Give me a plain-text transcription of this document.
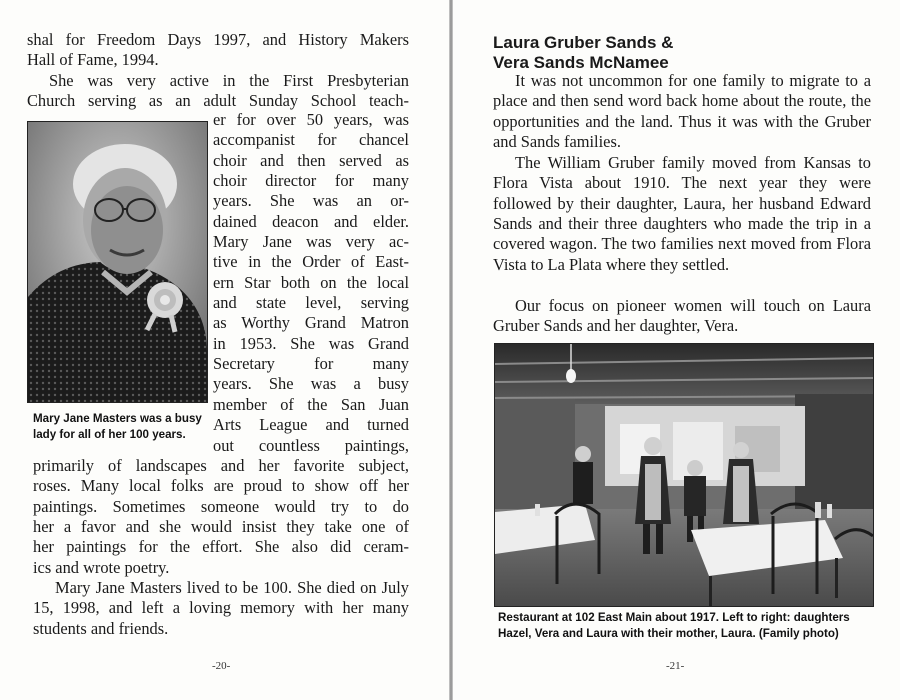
shal for Freedom Days 1997, and History Makers
Hall of Fame, 1994.
She was very active in the First Presbyterian
Church serving as an adult Sunday School teach-
er for over 50 years, was
accompanist for chancel
choir and then served as
choir director for many
years. She was an or-
dained deacon and elder.
Mary Jane was very ac-
tive in the Order of East-
ern Star both on the local
and state level, serving
as Worthy Grand Matron
in 1953. She was Grand
Secretary for many
years. She was a busy
member of the San Juan
Arts League and turned
out countless paintings,
Mary Jane Masters was a busy lady for all of her 100 years.
primarily of landscapes and her favorite subject,
roses. Many local folks are proud to show off her
paintings. Sometimes someone would try to do
her a favor and she would insist they take one of
her paintings for the effort. She also did ceram-
ics and wrote poetry.

Mary Jane Masters lived to be 100. She died on July 15, 1998, and left a loving memory with her many students and friends.

-20-
Laura Gruber Sands &
Vera Sands McNamee

It was not uncommon for one family to migrate to a place and then send word back home about the route, the opportunities and the land. Thus it was with the Gruber and Sands families.

The William Gruber family moved from Kansas to Flora Vista about 1910. The next year they were followed by their daughter, Laura, her husband Edward Sands and their three daughters who made the trip in a covered wagon. The two families next moved from Flora Vista to La Plata where they settled.

Our focus on pioneer women will touch on Laura Gruber Sands and her daughter, Vera.

Restaurant at 102 East Main about 1917. Left to right: daughters Hazel, Vera and Laura with their mother, Laura. (Family photo)
-21-
